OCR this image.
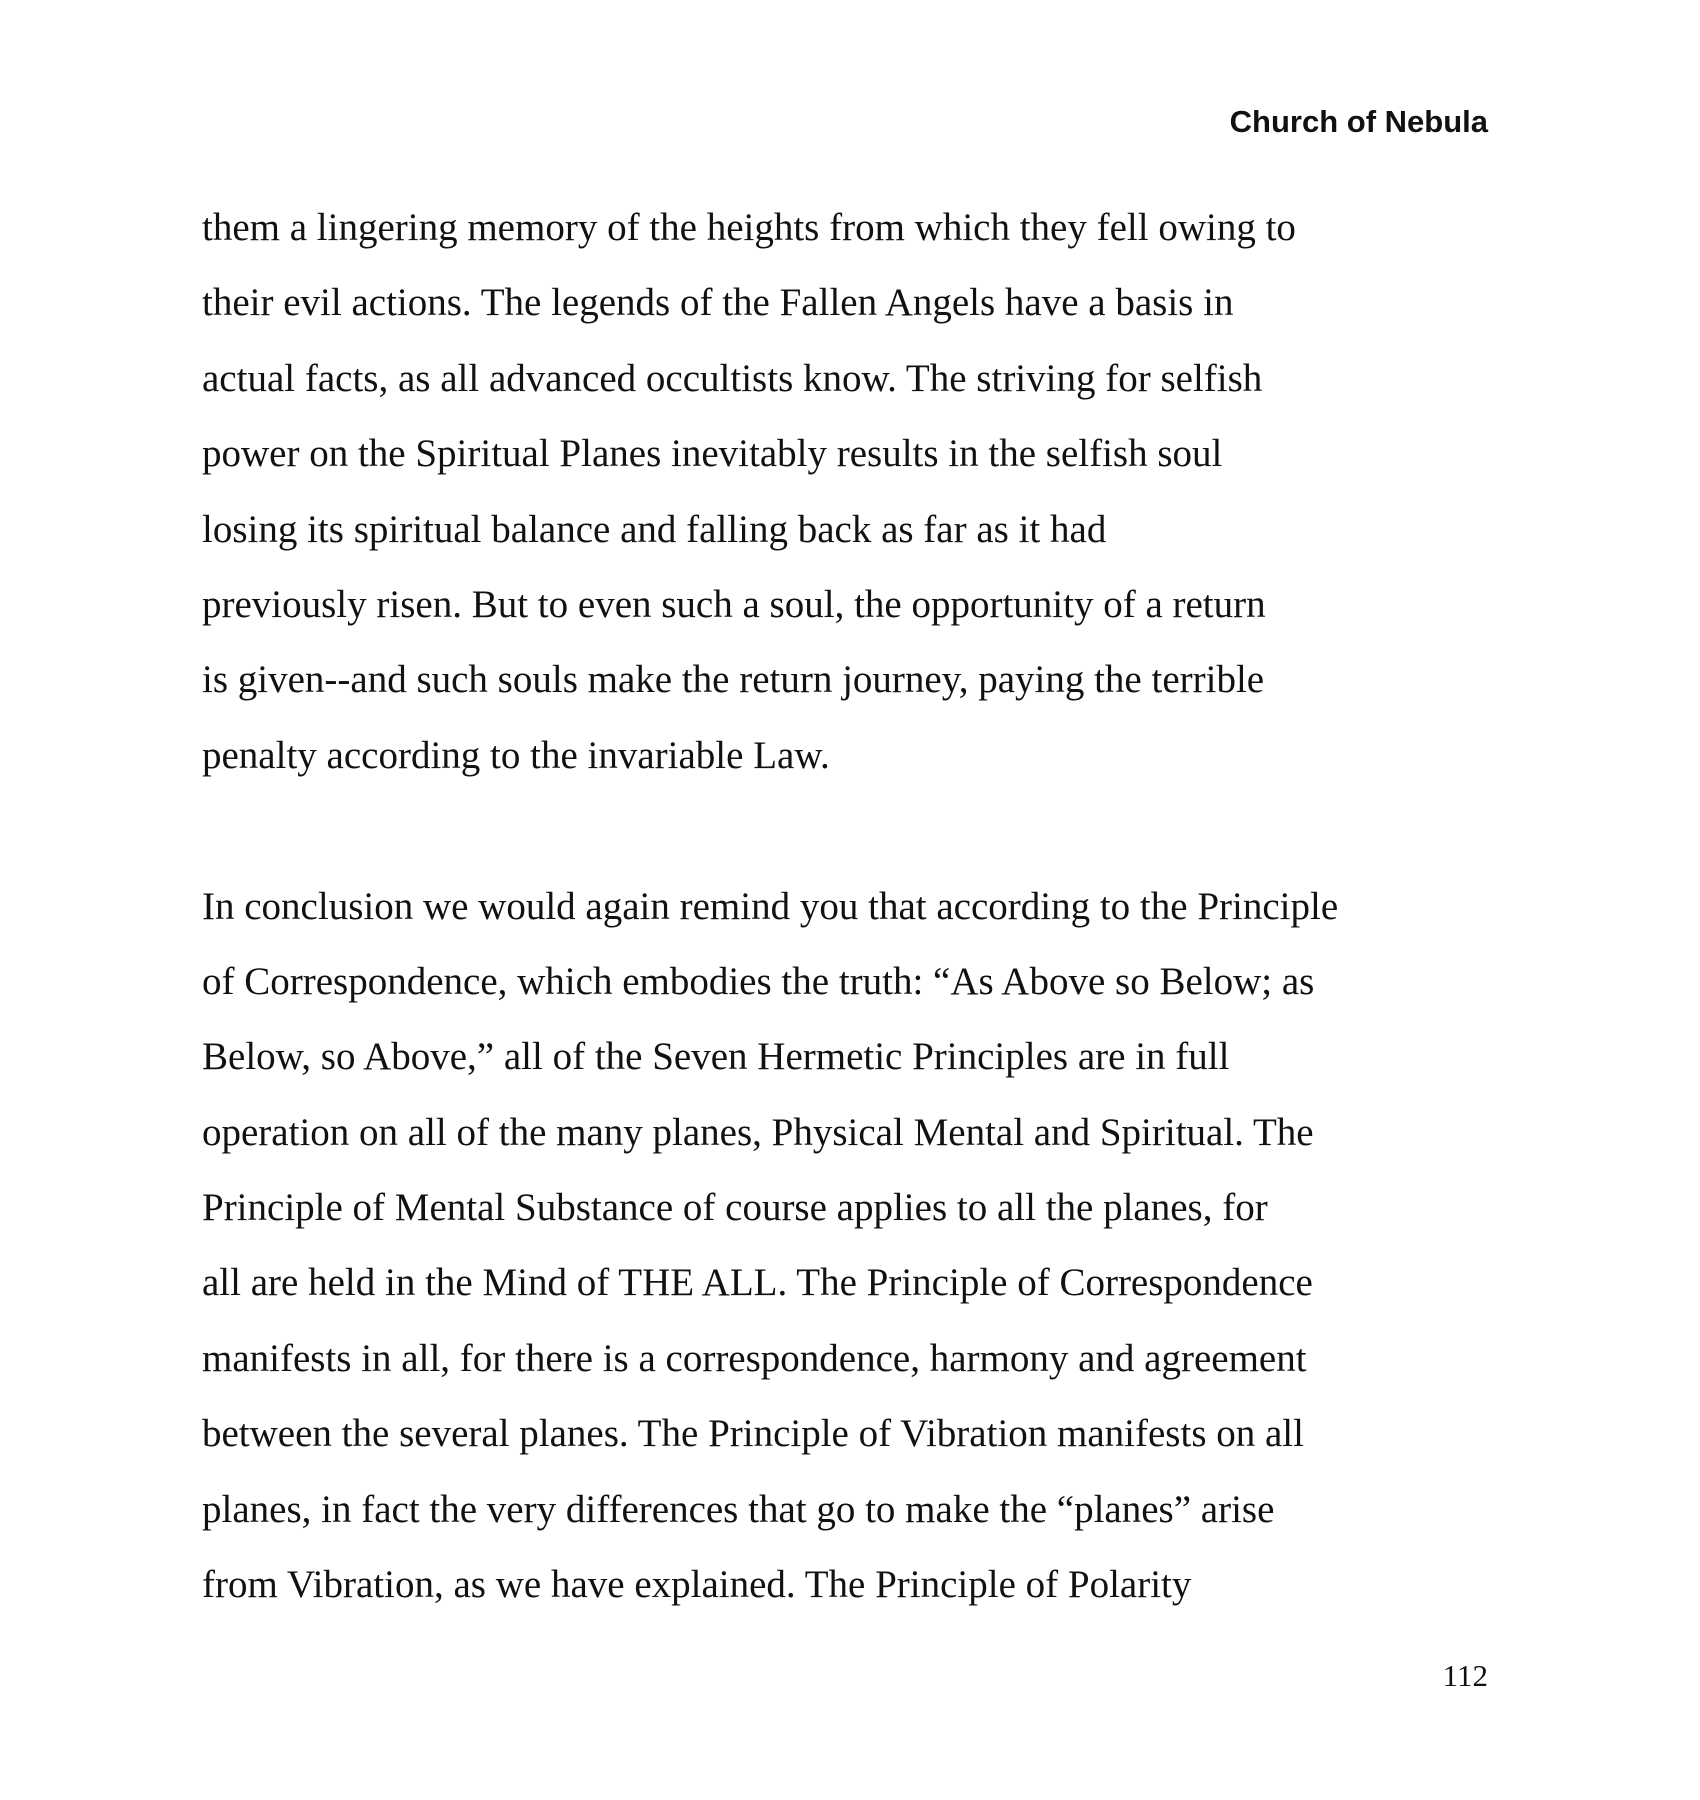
Church of Nebula
them a lingering memory of the heights from which they fell owing to
their evil actions. The legends of the Fallen Angels have a basis in
actual facts, as all advanced occultists know. The striving for selfish
power on the Spiritual Planes inevitably results in the selfish soul
losing its spiritual balance and falling back as far as it had
previously risen. But to even such a soul, the opportunity of a return
is given--and such souls make the return journey, paying the terrible
penalty according to the invariable Law.
In conclusion we would again remind you that according to the Principle
of Correspondence, which embodies the truth: “As Above so Below; as
Below, so Above,” all of the Seven Hermetic Principles are in full
operation on all of the many planes, Physical Mental and Spiritual. The
Principle of Mental Substance of course applies to all the planes, for
all are held in the Mind of THE ALL. The Principle of Correspondence
manifests in all, for there is a correspondence, harmony and agreement
between the several planes. The Principle of Vibration manifests on all
planes, in fact the very differences that go to make the “planes” arise
from Vibration, as we have explained. The Principle of Polarity
112
